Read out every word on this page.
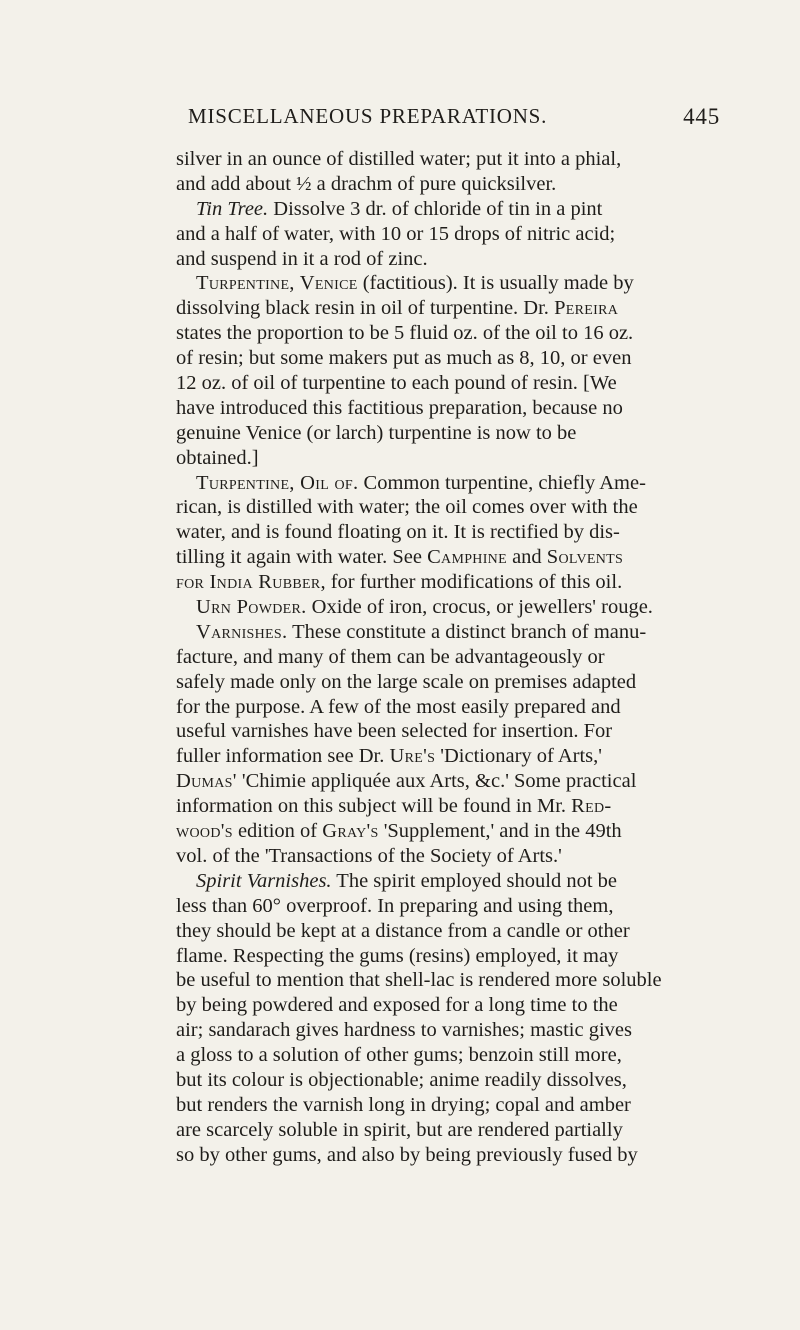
MISCELLANEOUS PREPARATIONS.	445
silver in an ounce of distilled water; put it into a phial,
and add about ½ a drachm of pure quicksilver.
Tin Tree. Dissolve 3 dr. of chloride of tin in a pint
and a half of water, with 10 or 15 drops of nitric acid;
and suspend in it a rod of zinc.
Turpentine, Venice (factitious). It is usually made by
dissolving black resin in oil of turpentine. Dr. Pereira
states the proportion to be 5 fluid oz. of the oil to 16 oz.
of resin; but some makers put as much as 8, 10, or even
12 oz. of oil of turpentine to each pound of resin. [We
have introduced this factitious preparation, because no
genuine Venice (or larch) turpentine is now to be
obtained.]
Turpentine, Oil of. Common turpentine, chiefly Ame-
rican, is distilled with water; the oil comes over with the
water, and is found floating on it. It is rectified by dis-
tilling it again with water. See Camphine and Solvents
for India Rubber, for further modifications of this oil.
Urn Powder. Oxide of iron, crocus, or jewellers' rouge.
Varnishes. These constitute a distinct branch of manu-
facture, and many of them can be advantageously or
safely made only on the large scale on premises adapted
for the purpose. A few of the most easily prepared and
useful varnishes have been selected for insertion. For
fuller information see Dr. Ure's 'Dictionary of Arts,'
Dumas' 'Chimie appliquée aux Arts, &c.' Some practical
information on this subject will be found in Mr. Red-
wood's edition of Gray's 'Supplement,' and in the 49th
vol. of the 'Transactions of the Society of Arts.'
Spirit Varnishes. The spirit employed should not be
less than 60° overproof. In preparing and using them,
they should be kept at a distance from a candle or other
flame. Respecting the gums (resins) employed, it may
be useful to mention that shell-lac is rendered more soluble
by being powdered and exposed for a long time to the
air; sandarach gives hardness to varnishes; mastic gives
a gloss to a solution of other gums; benzoin still more,
but its colour is objectionable; anime readily dissolves,
but renders the varnish long in drying; copal and amber
are scarcely soluble in spirit, but are rendered partially
so by other gums, and also by being previously fused by
